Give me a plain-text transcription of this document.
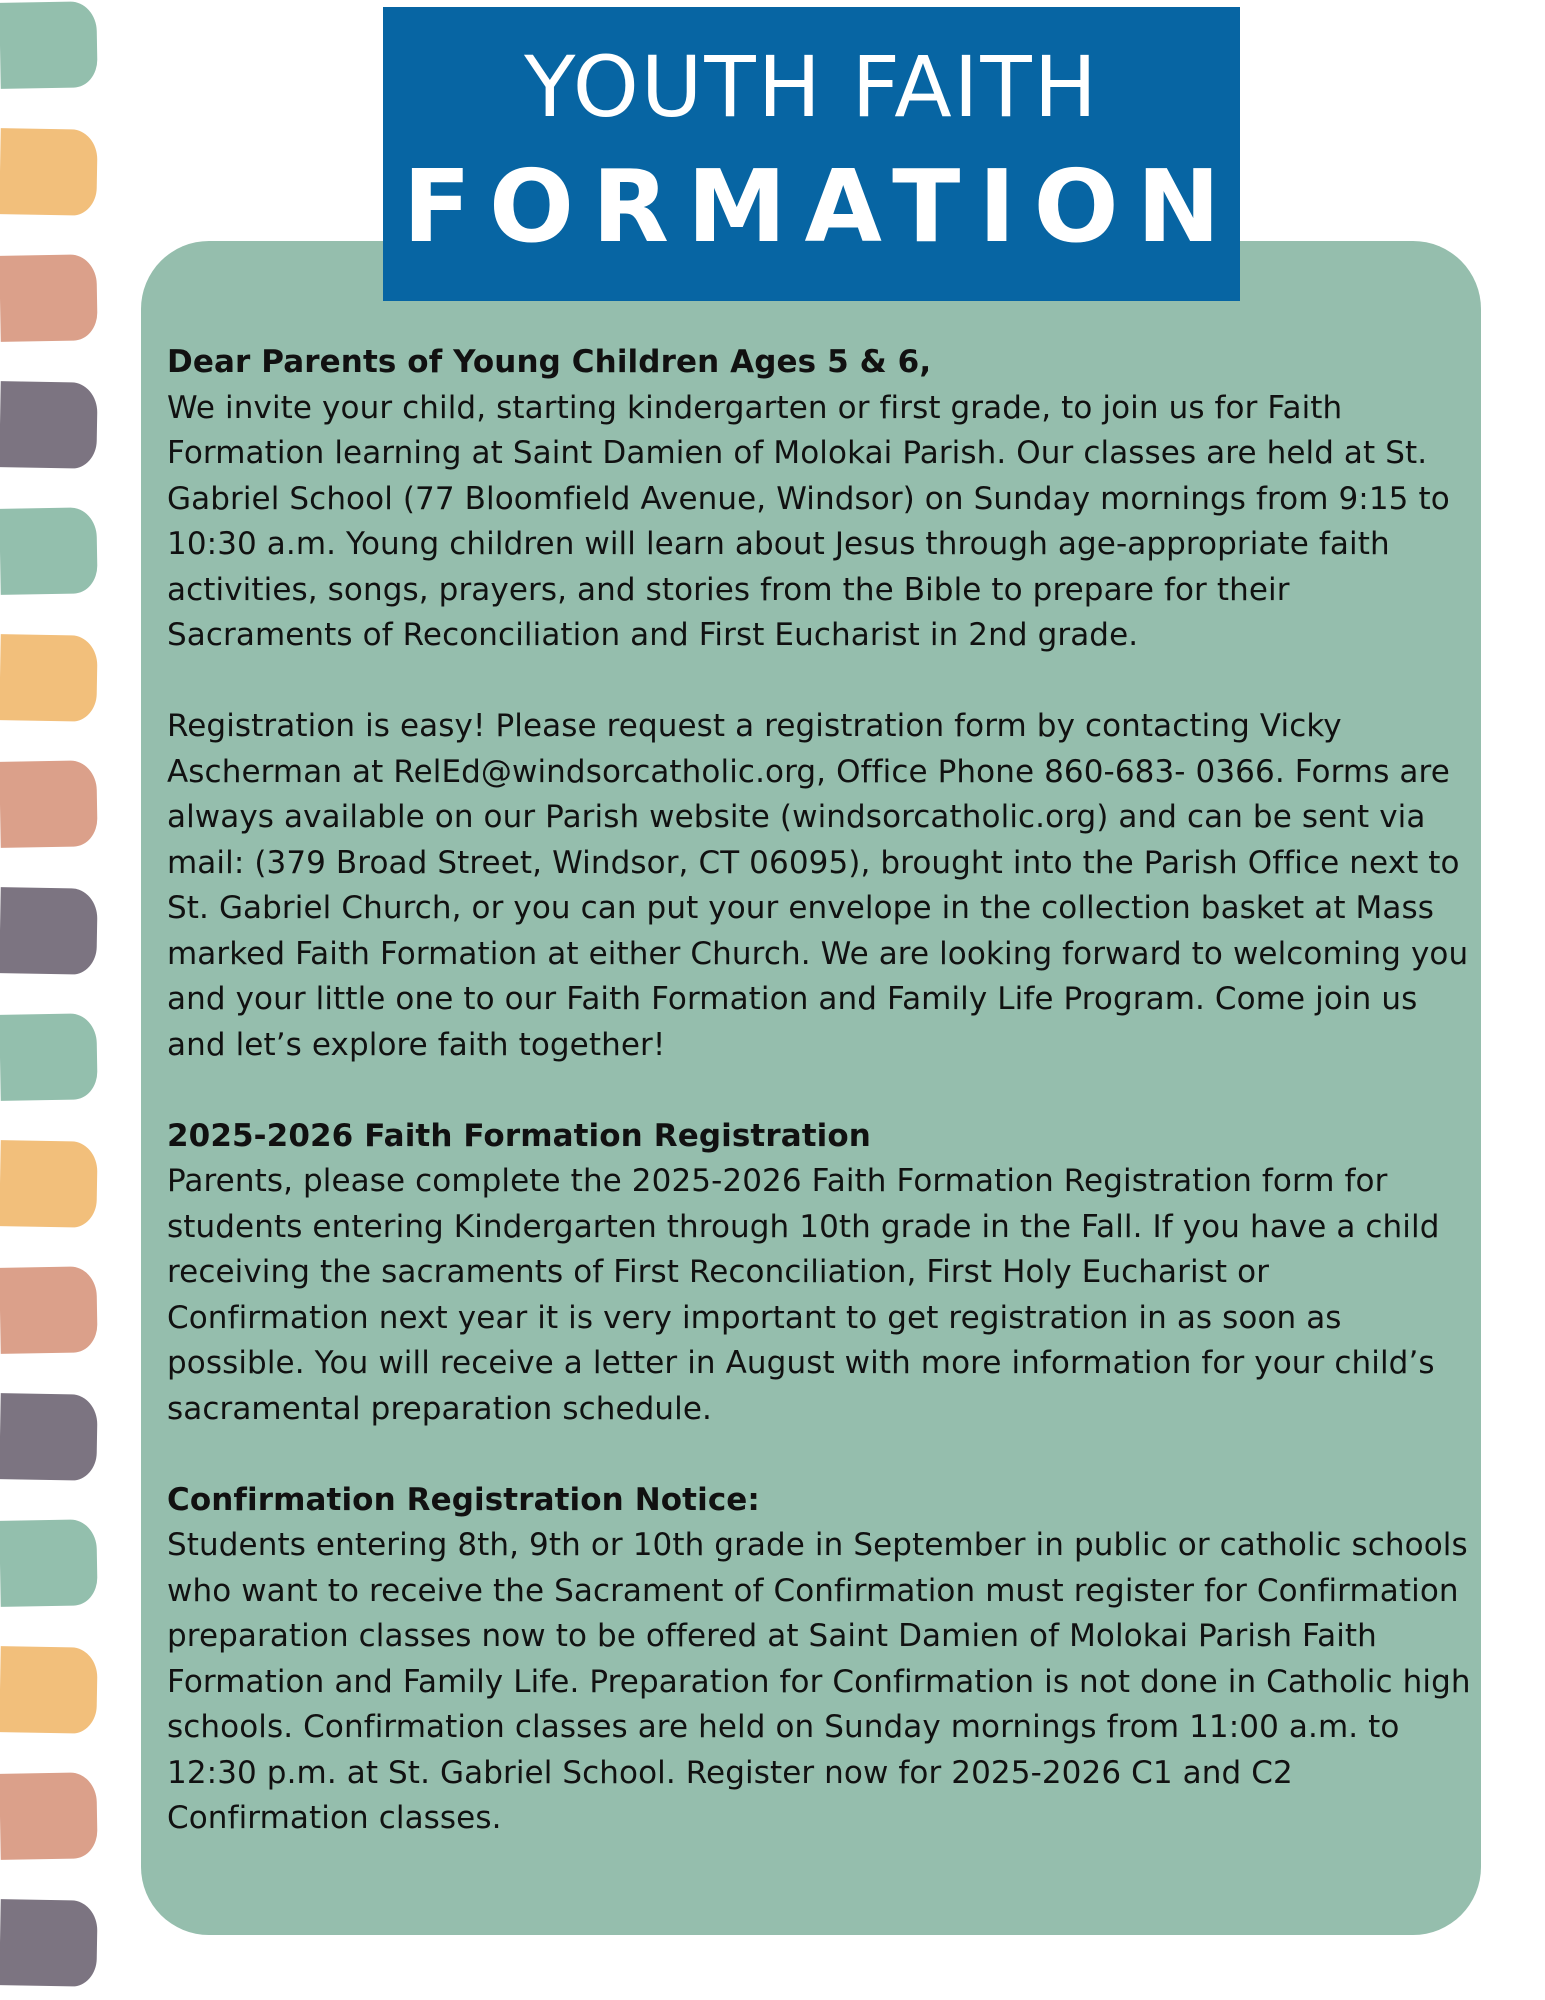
YOUTH FAITH
FORMATION
Dear Parents of Young Children Ages 5 & 6,
We invite your child, starting kindergarten or first grade, to join us for Faith Formation learning at Saint Damien of Molokai Parish. Our classes are held at St. Gabriel School (77 Bloomfield Avenue, Windsor) on Sunday mornings from 9:15 to 10:30 a.m. Young children will learn about Jesus through age-appropriate faith activities, songs, prayers, and stories from the Bible to prepare for their Sacraments of Reconciliation and First Eucharist in 2nd grade.
Registration is easy! Please request a registration form by contacting Vicky Ascherman at RelEd@windsorcatholic.org, Office Phone 860-683- 0366. Forms are always available on our Parish website (windsorcatholic.org) and can be sent via mail: (379 Broad Street, Windsor, CT 06095), brought into the Parish Office next to St. Gabriel Church, or you can put your envelope in the collection basket at Mass marked Faith Formation at either Church. We are looking forward to welcoming you and your little one to our Faith Formation and Family Life Program. Come join us and let’s explore faith together!
2025-2026 Faith Formation Registration
Parents, please complete the 2025-2026 Faith Formation Registration form for students entering Kindergarten through 10th grade in the Fall. If you have a child receiving the sacraments of First Reconciliation, First Holy Eucharist or Confirmation next year it is very important to get registration in as soon as possible. You will receive a letter in August with more information for your child’s sacramental preparation schedule.
Confirmation Registration Notice:
Students entering 8th, 9th or 10th grade in September in public or catholic schools who want to receive the Sacrament of Confirmation must register for Confirmation preparation classes now to be offered at Saint Damien of Molokai Parish Faith Formation and Family Life. Preparation for Confirmation is not done in Catholic high schools. Confirmation classes are held on Sunday mornings from 11:00 a.m. to 12:30 p.m. at St. Gabriel School. Register now for 2025-2026 C1 and C2 Confirmation classes.
